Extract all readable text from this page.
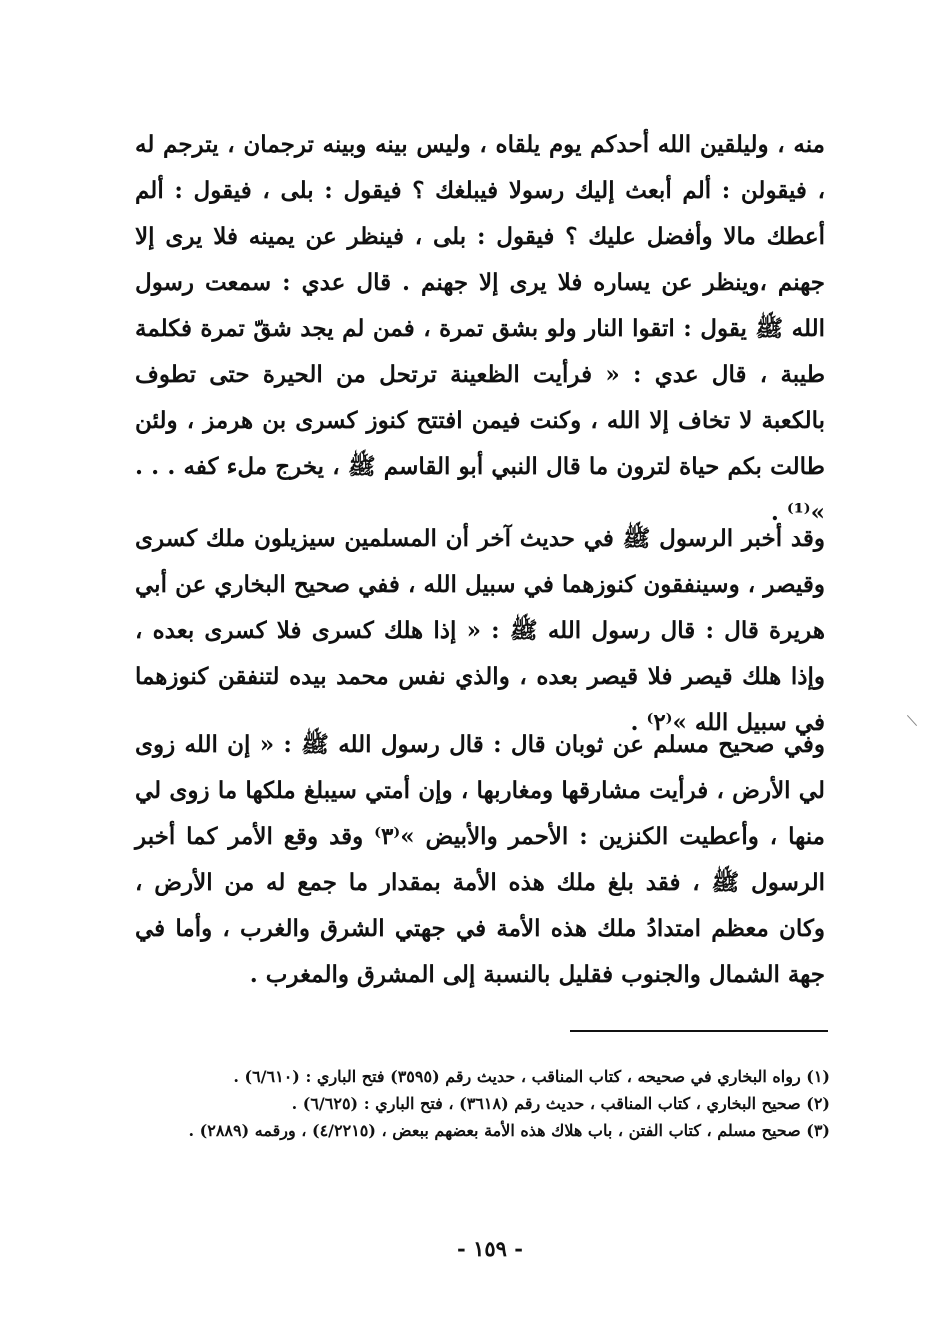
منه ، وليلقين الله أحدكم يوم يلقاه ، وليس بينه وبينه ترجمان ، يترجم له ، فيقولن : ألم أبعث إليك رسولا فيبلغك ؟ فيقول : بلى ، فيقول : ألم أعطك مالا وأفضل عليك ؟ فيقول : بلى ، فينظر عن يمينه فلا يرى إلا جهنم ،وينظر عن يساره فلا يرى إلا جهنم . قال عدي : سمعت رسول الله ﷺ يقول : اتقوا النار ولو بشق تمرة ، فمن لم يجد شقّ تمرة فكلمة طيبة ، قال عدي : « فرأيت الظعينة ترتحل من الحيرة حتى تطوف بالكعبة لا تخاف إلا الله ، وكنت فيمن افتتح كنوز كسرى بن هرمز ، ولئن طالت بكم حياة لترون ما قال النبي أبو القاسم ﷺ ، يخرج ملء كفه . . . »⁽¹⁾ .

وقد أخبر الرسول ﷺ في حديث آخر أن المسلمين سيزيلون ملك كسرى وقيصر ، وسينفقون كنوزهما في سبيل الله ، ففي صحيح البخاري عن أبي هريرة قال : قال رسول الله ﷺ : « إذا هلك كسرى فلا كسرى بعده ، وإذا هلك قيصر فلا قيصر بعده ، والذي نفس محمد بيده لتنفقن كنوزهما في سبيل الله »⁽٢⁾ .

وفي صحيح مسلم عن ثوبان قال : قال رسول الله ﷺ : « إن الله زوى لي الأرض ، فرأيت مشارقها ومغاربها ، وإن أمتي سيبلغ ملكها ما زوى لي منها ، وأعطيت الكنزين : الأحمر والأبيض »⁽٣⁾ وقد وقع الأمر كما أخبر الرسول ﷺ ، فقد بلغ ملك هذه الأمة بمقدار ما جمع له من الأرض ، وكان معظم امتدادُ ملك هذه الأمة في جهتي الشرق والغرب ، وأما في جهة الشمال والجنوب فقليل بالنسبة إلى المشرق والمغرب .

(١) رواه البخاري في صحيحه ، كتاب المناقب ، حديث رقم (٣٥٩٥) فتح الباري : (٦/٦١٠) .

(٢) صحيح البخاري ، كتاب المناقب ، حديث رقم (٣٦١٨) ، فتح الباري : (٦/٦٢٥) .

(٣) صحيح مسلم ، كتاب الفتن ، باب هلاك هذه الأمة بعضهم ببعض ، (٤/٢٢١٥) ، ورقمه (٢٨٨٩) .

- ١٥٩ -
